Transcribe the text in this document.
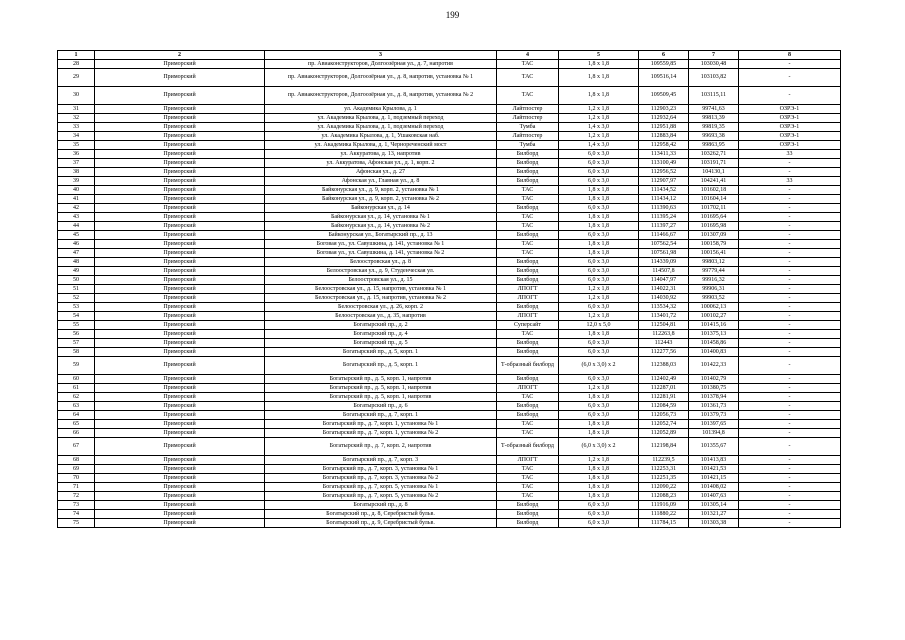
199
1	2	3	4	5	6	7	8
28	Приморский	пр. Авиаконструкторов, Долгоозёрная ул., д. 7, напротив	ТАС	1,8 х 1,8	109559,85	103030,48	-
29	Приморский	пр. Авиаконструкторов, Долгоозёрная ул., д. 8, напротив, установка № 1	ТАС	1,8 х 1,8	109516,14	103103,82	-
30	Приморский	пр. Авиаконструкторов, Долгоозёрная ул., д. 8, напротив, установка № 2	ТАС	1,8 х 1,8	109509,45	103115,11	-
31	Приморский	ул. Академика Крылова, д. 1	Лайтпостер	1,2 х 1,8	112903,23	99741,63	ОЗРЭ-1
32	Приморский	ул. Академика Крылова, д. 1, подземный переход	Лайтпостер	1,2 х 1,8	112932,64	99813,39	ОЗРЭ-1
33	Приморский	ул. Академика Крылова, д. 1, подземный переход	Тумба	1,4 х 3,0	112951,88	99819,35	ОЗРЭ-1
34	Приморский	ул. Академика Крылова, д. 1, Ушаковская наб.	Лайтпостер	1,2 х 1,8	112883,84	99693,38	ОЗРЭ-1
35	Приморский	ул. Академика Крылова, д. 1, Чернореченский мост	Тумба	1,4 х 3,0	112958,42	99863,95	ОЗРЭ-1
36	Приморский	ул. Аккуратова, д. 13, напротив	Билборд	6,0 х 3,0	113411,33	103262,71	33
37	Приморский	ул. Аккуратова, Афонская ул., д. 1, корп. 2	Билборд	6,0 х 3,0	113100,49	103191,71	-
38	Приморский	Афонская ул., д. 27	Билборд	6,0 х 3,0	112956,52	104130,1	-
39	Приморский	Афонская ул., Главная ул., д. 8	Билборд	6,0 х 3,0	112907,97	104241,41	33
40	Приморский	Байконурская ул., д. 9, корп. 2, установка № 1	ТАС	1,8 х 1,8	111434,52	101602,18	-
41	Приморский	Байконурская ул., д. 9, корп. 2, установка № 2	ТАС	1,8 х 1,8	111434,12	101604,14	-
42	Приморский	Байконурская ул., д. 14	Билборд	6,0 х 3,0	111390,63	101702,11	-
43	Приморский	Байконурская ул., д. 14, установка № 1	ТАС	1,8 х 1,8	111395,24	101695,64	-
44	Приморский	Байконурская ул., д. 14, установка № 2	ТАС	1,8 х 1,8	111397,27	101695,98	-
45	Приморский	Байконурская ул., Богатырский пр., д. 13	Билборд	6,0 х 3,0	111466,67	101307,09	-
46	Приморский	Боговая ул., ул. Савушкина, д. 141, установка № 1	ТАС	1,8 х 1,8	107562,54	100158,79	-
47	Приморский	Боговая ул., ул. Савушкина, д. 141, установка № 2	ТАС	1,8 х 1,8	107561,98	100156,41	-
48	Приморский	Белоостровская ул., д. 8	Билборд	6,0 х 3,0	114339,09	99803,12	-
49	Приморский	Белоостровская ул., д. 9, Студенческая ул.	Билборд	6,0 х 3,0	114507,8	99779,44	-
50	Приморский	Белоостровская ул., д. 15	Билборд	6,0 х 3,0	114047,97	99916,32	-
51	Приморский	Белоостровская ул., д. 15, напротив, установка № 1	ЛПОГТ	1,2 х 1,8	114022,31	99906,31	-
52	Приморский	Белоостровская ул., д. 15, напротив, установка № 2	ЛПОГТ	1,2 х 1,8	114030,92	99903,52	-
53	Приморский	Белоостровская ул., д. 26, корп. 2	Билборд	6,0 х 3,0	113534,32	100062,13	-
54	Приморский	Белоостровская ул., д. 35, напротив	ЛПОГТ	1,2 х 1,8	113401,72	100102,27	-
55	Приморский	Богатырский пр., д. 2	Суперсайт	12,0 х 5,0	112504,81	101415,16	-
56	Приморский	Богатырский пр., д. 4	ТАС	1,8 х 1,8	112263,8	101375,13	-
57	Приморский	Богатырский пр., д. 5	Билборд	6,0 х 3,0	112443	101458,86	-
58	Приморский	Богатырский пр., д. 5, корп. 1	Билборд	6,0 х 3,0	112277,56	101400,83	-
59	Приморский	Богатырский пр., д. 5, корп. 1	Т-образный билборд	(6,0 х 3,0) х 2	112388,03	101422,33	-
60	Приморский	Богатырский пр., д. 5, корп. 1, напротив	Билборд	6,0 х 3,0	112402,49	101402,79	-
61	Приморский	Богатырский пр., д. 5, корп. 1, напротив	ЛПОГТ	1,2 х 1,8	112287,01	101380,75	-
62	Приморский	Богатырский пр., д. 5, корп. 1, напротив	ТАС	1,8 х 1,8	112281,91	101378,94	-
63	Приморский	Богатырский пр., д. 6	Билборд	6,0 х 3,0	112084,59	101361,73	-
64	Приморский	Богатырский пр., д. 7, корп. 1	Билборд	6,0 х 3,0	112056,73	101379,73	-
65	Приморский	Богатырский пр., д. 7, корп. 1, установка № 1	ТАС	1,8 х 1,8	112052,74	101397,65	-
66	Приморский	Богатырский пр., д. 7, корп. 1, установка № 2	ТАС	1,8 х 1,8	112052,89	101394,8	-
67	Приморский	Богатырский пр., д. 7, корп. 2, напротив	Т-образный билборд	(6,0 х 3,0) х 2	112198,84	101355,67	-
68	Приморский	Богатырский пр., д. 7, корп. 3	ЛПОГТ	1,2 х 1,8	112239,5	101413,83	-
69	Приморский	Богатырский пр., д. 7, корп. 3, установка № 1	ТАС	1,8 х 1,8	112253,31	101421,53	-
70	Приморский	Богатырский пр., д. 7, корп. 3, установка № 2	ТАС	1,8 х 1,8	112251,35	101421,15	-
71	Приморский	Богатырский пр., д. 7, корп. 5, установка № 1	ТАС	1,8 х 1,8	112090,22	101408,02	-
72	Приморский	Богатырский пр., д. 7, корп. 5, установка № 2	ТАС	1,8 х 1,8	112088,23	101407,63	-
73	Приморский	Богатырский пр., д. 8	Билборд	6,0 х 3,0	111916,09	101305,14	-
74	Приморский	Богатырский пр., д. 8, Серебристый бульв.	Билборд	6,0 х 3,0	111880,22	101321,27	-
75	Приморский	Богатырский пр., д. 9, Серебристый бульв.	Билборд	6,0 х 3,0	111784,15	101303,38	-
